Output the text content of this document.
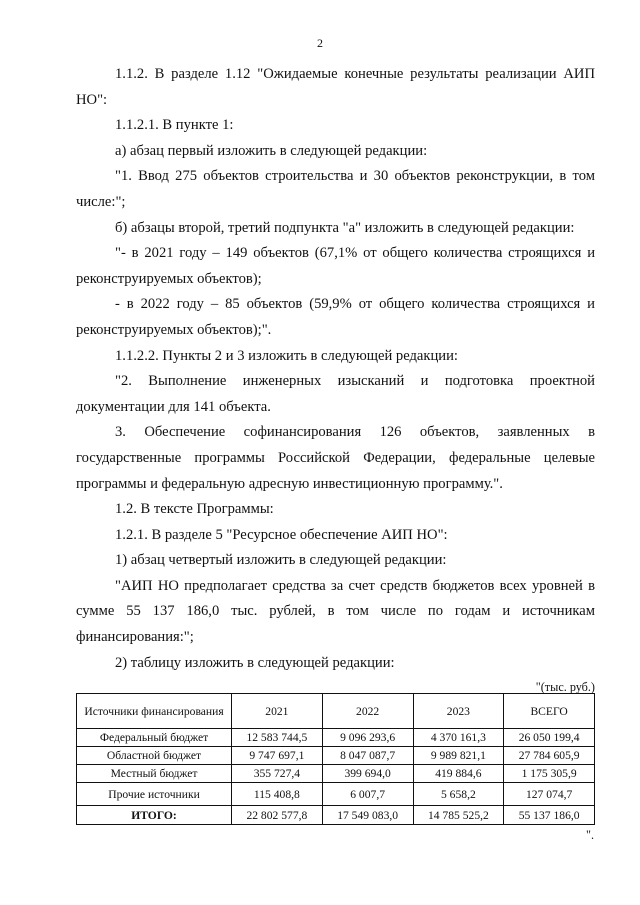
2

1.1.2. В разделе 1.12 "Ожидаемые конечные результаты реализации АИП НО":

1.1.2.1. В пункте 1:

а) абзац первый изложить в следующей редакции:

"1. Ввод 275 объектов строительства и 30 объектов реконструкции, в том числе:";

б) абзацы второй, третий подпункта "а" изложить в следующей редакции:

"- в 2021 году – 149 объектов (67,1% от общего количества строящихся и реконструируемых объектов);

- в 2022 году – 85 объектов (59,9% от общего количества строящихся и реконструируемых объектов);".

1.1.2.2. Пункты 2 и 3 изложить в следующей редакции:

"2. Выполнение инженерных изысканий и подготовка проектной документации для 141 объекта.

3. Обеспечение софинансирования 126 объектов, заявленных в государственные программы Российской Федерации, федеральные целевые программы и федеральную адресную инвестиционную программу.".

1.2. В тексте Программы:

1.2.1. В разделе 5 "Ресурсное обеспечение АИП НО":

1) абзац четвертый изложить в следующей редакции:

"АИП НО предполагает средства за счет средств бюджетов всех уровней в сумме 55 137 186,0 тыс. рублей, в том числе по годам и источникам финансирования:";

2) таблицу изложить в следующей редакции:

"(тыс. руб.)
Источники финансирования	2021	2022	2023	ВСЕГО
Федеральный бюджет	12 583 744,5	9 096 293,6	4 370 161,3	26 050 199,4
Областной бюджет	9 747 697,1	8 047 087,7	9 989 821,1	27 784 605,9
Местный бюджет	355 727,4	399 694,0	419 884,6	1 175 305,9
Прочие источники	115 408,8	6 007,7	5 658,2	127 074,7
ИТОГО:	22 802 577,8	17 549 083,0	14 785 525,2	55 137 186,0
".
